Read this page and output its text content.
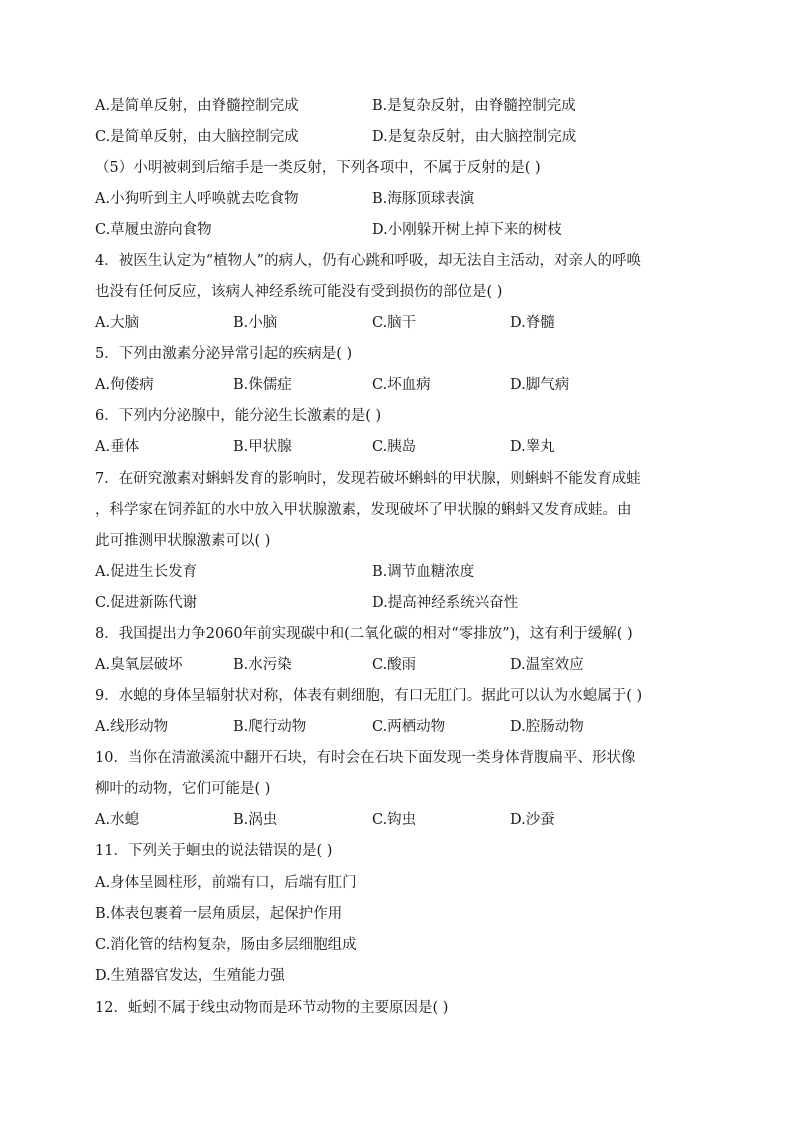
A.是简单反射，由脊髓控制完成	B.是复杂反射，由脊髓控制完成
C.是简单反射，由大脑控制完成	D.是复杂反射，由大脑控制完成
（5）小明被刺到后缩手是一类反射，下列各项中，不属于反射的是( )
A.小狗听到主人呼唤就去吃食物	B.海豚顶球表演
C.草履虫游向食物	D.小刚躲开树上掉下来的树枝
4．被医生认定为“植物人”的病人，仍有心跳和呼吸，却无法自主活动，对亲人的呼唤
也没有任何反应，该病人神经系统可能没有受到损伤的部位是( )
A.大脑	B.小脑	C.脑干	D.脊髓
5．下列由激素分泌异常引起的疾病是( )
A.佝偻病	B.侏儒症	C.坏血病	D.脚气病
6．下列内分泌腺中，能分泌生长激素的是( )
A.垂体	B.甲状腺	C.胰岛	D.睾丸
7．在研究激素对蝌蚪发育的影响时，发现若破坏蝌蚪的甲状腺，则蝌蚪不能发育成蛙
，科学家在饲养缸的水中放入甲状腺激素，发现破坏了甲状腺的蝌蚪又发育成蛙。由
此可推测甲状腺激素可以( )
A.促进生长发育	B.调节血糖浓度
C.促进新陈代谢	D.提高神经系统兴奋性
8．我国提出力争2060年前实现碳中和(二氧化碳的相对“零排放”)，这有利于缓解( )
A.臭氧层破坏	B.水污染	C.酸雨	D.温室效应
9．水螅的身体呈辐射状对称，体表有刺细胞，有口无肛门。据此可以认为水螅属于( )
A.线形动物	B.爬行动物	C.两栖动物	D.腔肠动物
10．当你在清澈溪流中翻开石块，有时会在石块下面发现一类身体背腹扁平、形状像
柳叶的动物，它们可能是( )
A.水螅	B.涡虫	C.钩虫	D.沙蚕
11．下列关于蛔虫的说法错误的是( )
A.身体呈圆柱形，前端有口，后端有肛门
B.体表包裹着一层角质层，起保护作用
C.消化管的结构复杂，肠由多层细胞组成
D.生殖器官发达，生殖能力强
12．蚯蚓不属于线虫动物而是环节动物的主要原因是( )
